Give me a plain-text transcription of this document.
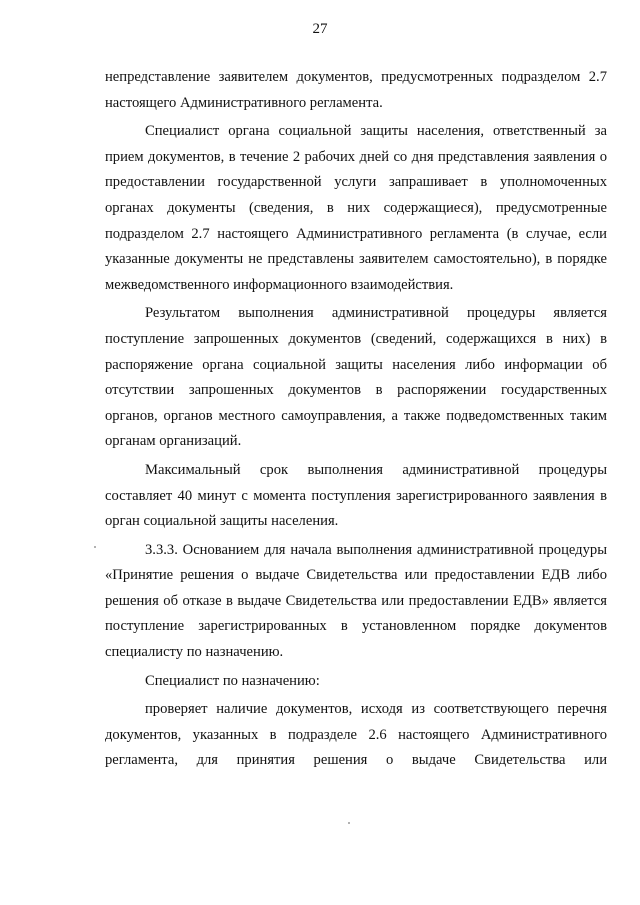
27

непредставление заявителем документов, предусмотренных подразделом 2.7 настоящего Административного регламента.

Специалист органа социальной защиты населения, ответственный за прием документов, в течение 2 рабочих дней со дня представления заявления о предоставлении государственной услуги запрашивает в уполномоченных органах документы (сведения, в них содержащиеся), предусмотренные подразделом 2.7 настоящего Административного регламента (в случае, если указанные документы не представлены заявителем самостоятельно), в порядке межведомственного информационного взаимодействия.

Результатом выполнения административной процедуры является поступление запрошенных документов (сведений, содержащихся в них) в распоряжение органа социальной защиты населения либо информации об отсутствии запрошенных документов в распоряжении государственных органов, органов местного самоуправления, а также подведомственных таким органам организаций.

Максимальный срок выполнения административной процедуры составляет 40 минут с момента поступления зарегистрированного заявления в орган социальной защиты населения.

3.3.3. Основанием для начала выполнения административной процедуры «Принятие решения о выдаче Свидетельства или предоставлении ЕДВ либо решения об отказе в выдаче Свидетельства или предоставлении ЕДВ» является поступление зарегистрированных в установленном порядке документов специалисту по назначению.

Специалист по назначению:

проверяет наличие документов, исходя из соответствующего перечня документов, указанных в подразделе 2.6 настоящего Административного регламента, для принятия решения о выдаче Свидетельства или
